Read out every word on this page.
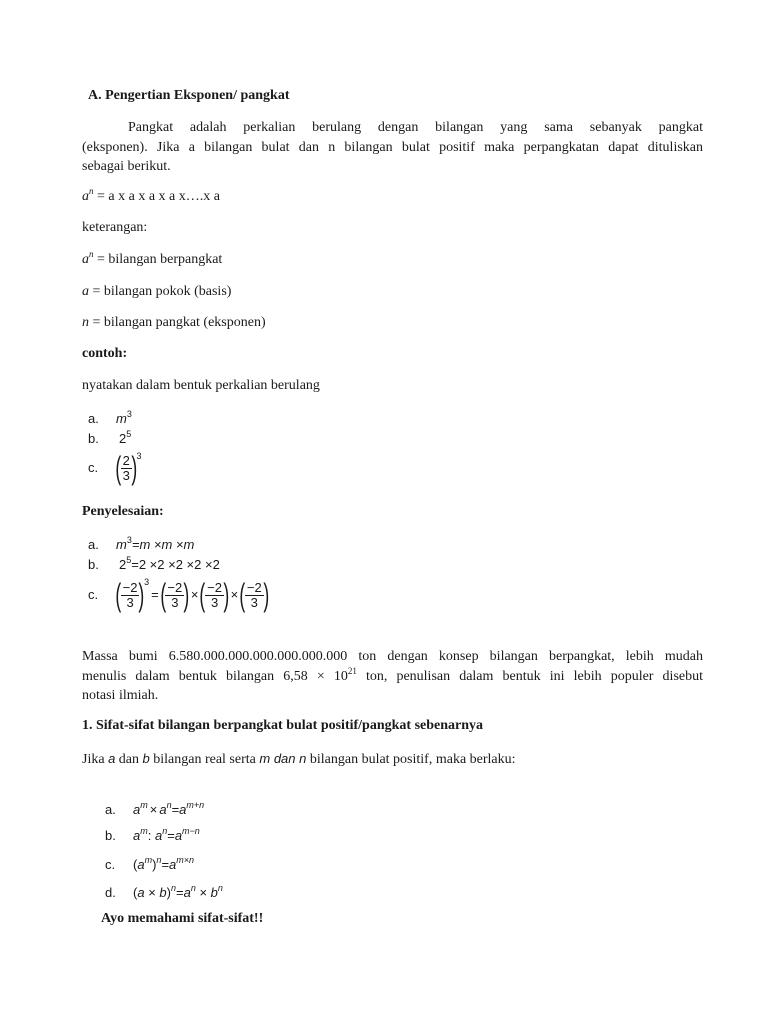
A. Pengertian Eksponen/ pangkat
Pangkat adalah perkalian berulang dengan bilangan yang sama sebanyak pangkat
(eksponen). Jika a bilangan bulat dan n bilangan bulat positif maka perpangkatan dapat dituliskan
sebagai berikut.
$a^n = a$ x a x a x a x….x a
keterangan:
$a^n$ = bilangan berpangkat
a = bilangan pokok (basis)
n = bilangan pangkat (eksponen)
contoh:
nyatakan dalam bentuk perkalian berulang
a. $m^3$
b. $2^5$
c. ( $\frac{2}{3} )^3$
Penyelesaian:
a. $m^3=m \times m \times m$
b. $2^5=2 \times 2 \times 2 \times 2 \times 2$
c. ( $\frac{-2}{3} )^3$
= ( $\frac{-2}{3}$ ) × ( $\frac{-2}{3}$ ) × ( $\frac{-2}{3}$ )
Massa bumi 6.580.000.000.000.000.000.000 ton dengan konsep bilangan berpangkat, lebih mudah
menulis dalam bentuk bilangan $6,58 \times 10^{21}$ ton, penulisan dalam bentuk ini lebih populer disebut
notasi ilmiah.
1. Sifat-sifat bilangan berpangkat bulat positif/pangkat sebenarnya
Jika a dan b bilangan real serta m dan n bilangan bulat positif, maka berlaku:
a. $a^m \times a^n=a^{m+n}$
b. $a^m$: $a^n=a^{m-n}$
c. $(a^m)^n=a^{m\times n}$
d. $(a \times b)^n=a^n \times b^n$
Ayo memahami sifat-sifat!!
